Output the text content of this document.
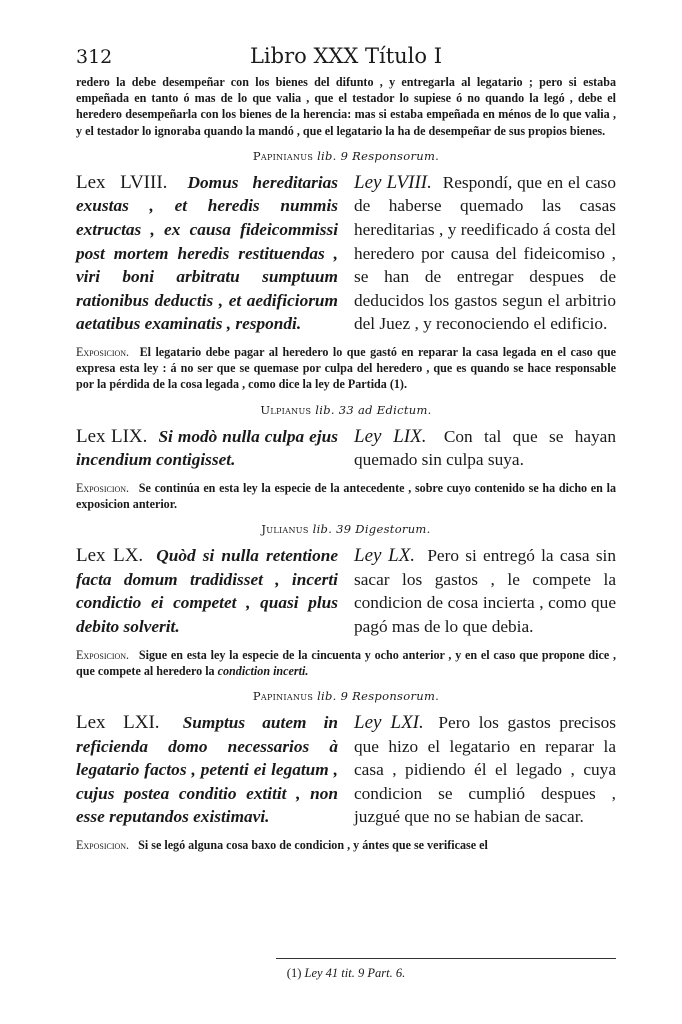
312	Libro XXX Título I

redero la debe desempeñar con los bienes del difunto , y entregarla al legatario ; pero si estaba empeñada en tanto ó mas de lo que valia , que el testador lo supiese ó no quando la legó , debe el heredero desempeñarla con los bienes de la herencia: mas si estaba empeñada en ménos de lo que valia , y el testador lo ignoraba quando la mandó , que el legatario la ha de desempeñar de sus propios bienes.

Papinianus lib. 9 Responsorum.
Lex LVIII. Domus hereditarias exustas , et heredis nummis extructas , ex causa fideicommissi post mortem heredis restituendas , viri boni arbitratu sumptuum rationibus deductis , et aedificiorum aetatibus examinatis , respondi.
Ley LVIII. Respondí, que en el caso de haberse quemado las casas hereditarias , y reedificado á costa del heredero por causa del fideicomiso , se han de entregar despues de deducidos los gastos segun el arbitrio del Juez , y reconociendo el edificio.

Exposicion. El legatario debe pagar al heredero lo que gastó en reparar la casa legada en el caso que expresa esta ley : á no ser que se quemase por culpa del heredero , que es quando se hace responsable por la pérdida de la cosa legada , como dice la ley de Partida (1).

Ulpianus lib. 33 ad Edictum.
Lex LIX. Si modò nulla culpa ejus incendium contigisset.
Ley LIX. Con tal que se hayan quemado sin culpa suya.

Exposicion. Se continúa en esta ley la especie de la antecedente , sobre cuyo contenido se ha dicho en la exposicion anterior.

Julianus lib. 39 Digestorum.
Lex LX. Quòd si nulla retentione facta domum tradidisset , incerti condictio ei competet , quasi plus debito solverit.
Ley LX. Pero si entregó la casa sin sacar los gastos , le compete la condicion de cosa incierta , como que pagó mas de lo que debia.

Exposicion. Sigue en esta ley la especie de la cincuenta y ocho anterior , y en el caso que propone dice , que compete al heredero la condiction incerti.

Papinianus lib. 9 Responsorum.
Lex LXI. Sumptus autem in reficienda domo necessarios à legatario factos , petenti ei legatum , cujus postea conditio extitit , non esse reputandos existimavi.
Ley LXI. Pero los gastos precisos que hizo el legatario en reparar la casa , pidiendo él el legado , cuya condicion se cumplió despues , juzgué que no se habian de sacar.

Exposicion. Si se legó alguna cosa baxo de condicion , y ántes que se verificase el

(1) Ley 41 tit. 9 Part. 6.
